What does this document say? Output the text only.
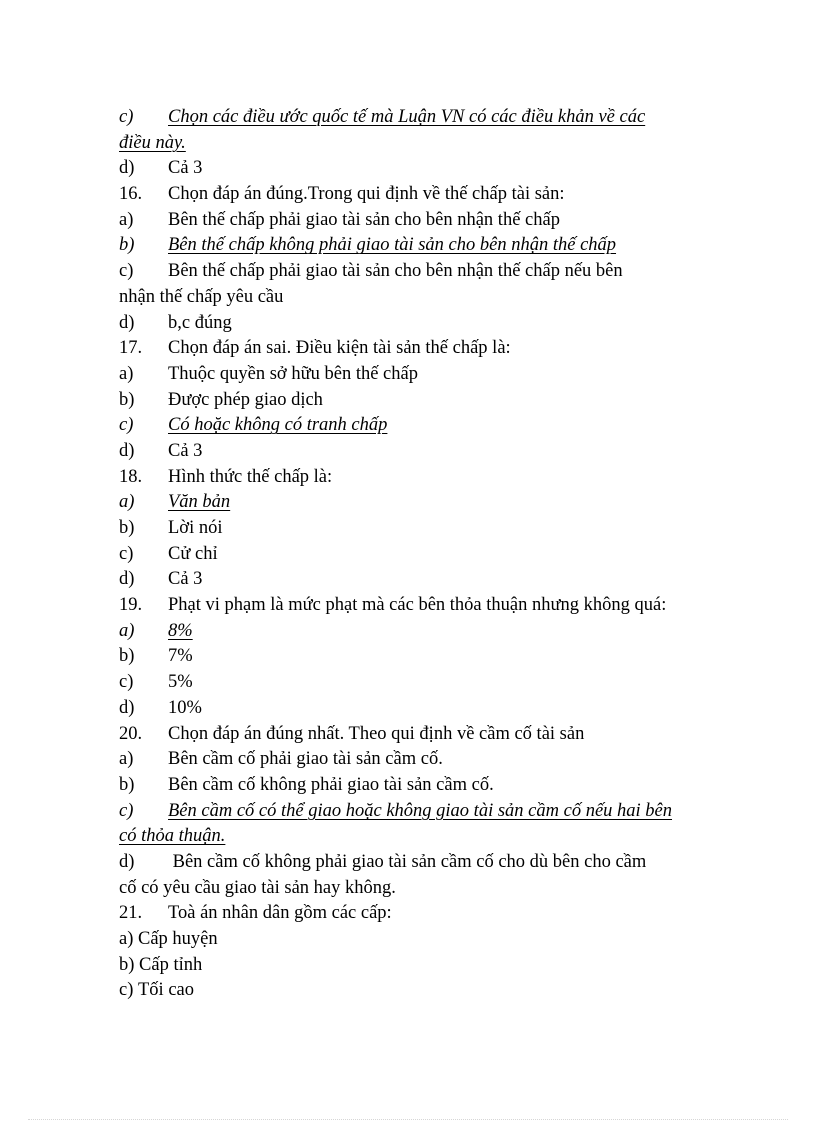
c)	Chọn các điều ước quốc tế mà Luận VN có các điều khản về các
điều này.
d)	Cả 3
16.	Chọn đáp án đúng.Trong qui định về thế chấp tài sản:
a)	Bên thế chấp phải giao tài sản cho bên nhận thế chấp
b)	Bên thế chấp không phải giao tài sản cho bên nhận thế chấp
c)	Bên thế chấp phải giao tài sản cho bên nhận thế chấp nếu bên
nhận thế chấp yêu cầu
d)	b,c đúng
17.	Chọn đáp án sai. Điều kiện tài sản thế chấp là:
a)	Thuộc quyền sở hữu bên thế chấp
b)	Được phép giao dịch
c)	Có hoặc không có tranh chấp
d)	Cả 3
18.	Hình thức thế chấp là:
a)	Văn bản
b)	Lời nói
c)	Cử chỉ
d)	Cả 3
19.	Phạt vi phạm là mức phạt mà các bên thỏa thuận nhưng không quá:
a)	8%
b)	7%
c)	5%
d)	10%
20.	Chọn đáp án đúng nhất. Theo qui định về cầm cố tài sản
a)	Bên cầm cố phải giao tài sản cầm cố.
b)	Bên cầm cố không phải giao tài sản cầm cố.
c)	Bên cầm cố có thể giao hoặc không giao tài sản cầm cố nếu hai bên
có thỏa thuận.
d)	Bên cầm cố không phải giao tài sản cầm cố cho dù bên cho cầm
cố có yêu cầu giao tài sản hay không.
21.	Toà án nhân dân gồm các cấp:
a) Cấp huyện
b) Cấp tỉnh
c) Tối cao
